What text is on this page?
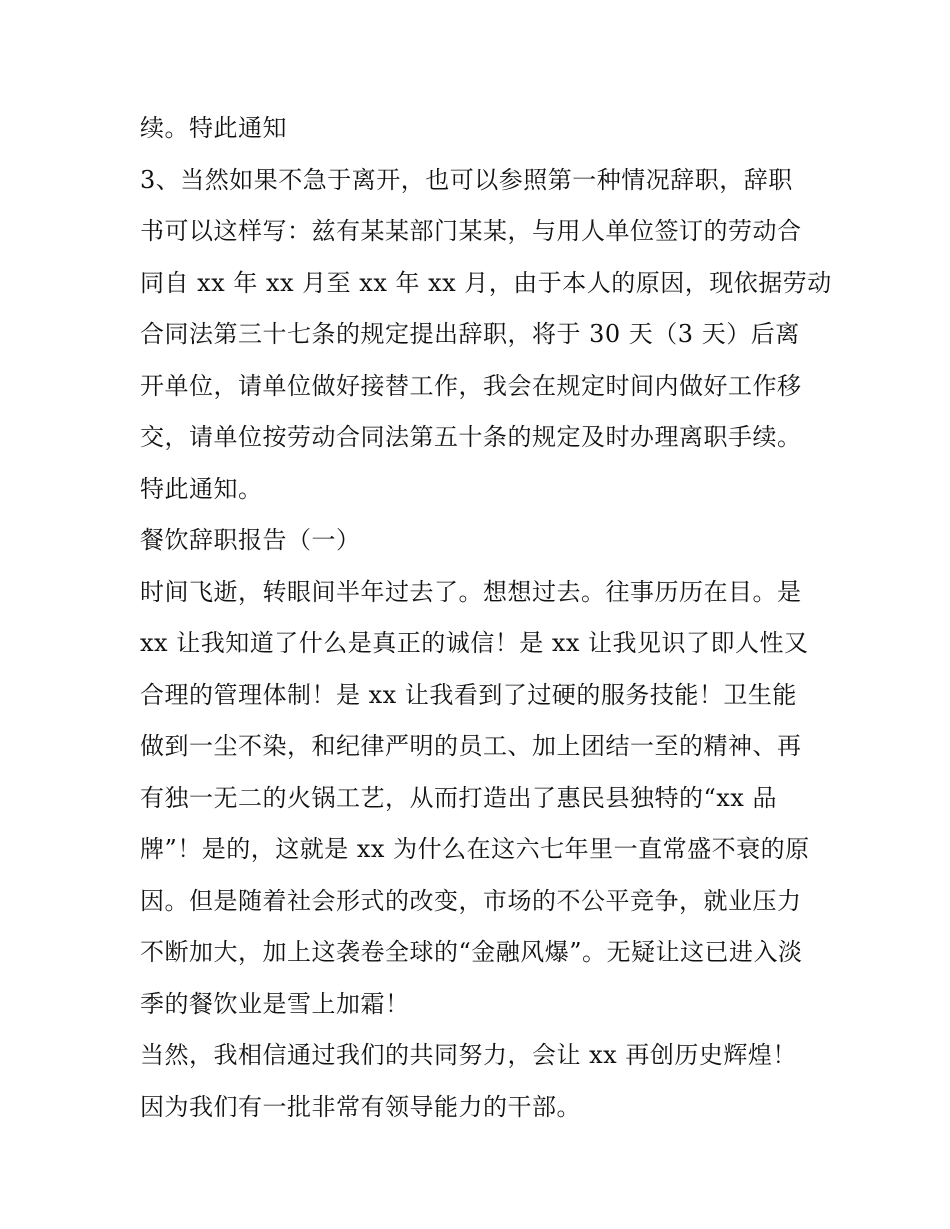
续。特此通知
3、当然如果不急于离开，也可以参照第一种情况辞职，辞职
书可以这样写：兹有某某部门某某，与用人单位签订的劳动合
同自 xx 年 xx 月至 xx 年 xx 月，由于本人的原因，现依据劳动
合同法第三十七条的规定提出辞职，将于 30 天（3 天）后离
开单位，请单位做好接替工作，我会在规定时间内做好工作移
交，请单位按劳动合同法第五十条的规定及时办理离职手续。
特此通知。
餐饮辞职报告（一）
时间飞逝，转眼间半年过去了。想想过去。往事历历在目。是
xx 让我知道了什么是真正的诚信！是 xx 让我见识了即人性又
合理的管理体制！是 xx 让我看到了过硬的服务技能！卫生能
做到一尘不染，和纪律严明的员工、加上团结一至的精神、再
有独一无二的火锅工艺，从而打造出了惠民县独特的“xx 品
牌”！是的，这就是 xx 为什么在这六七年里一直常盛不衰的原
因。但是随着社会形式的改变，市场的不公平竞争，就业压力
不断加大，加上这袭卷全球的“金融风爆”。无疑让这已进入淡
季的餐饮业是雪上加霜！
当然，我相信通过我们的共同努力，会让 xx 再创历史辉煌！
因为我们有一批非常有领导能力的干部。
